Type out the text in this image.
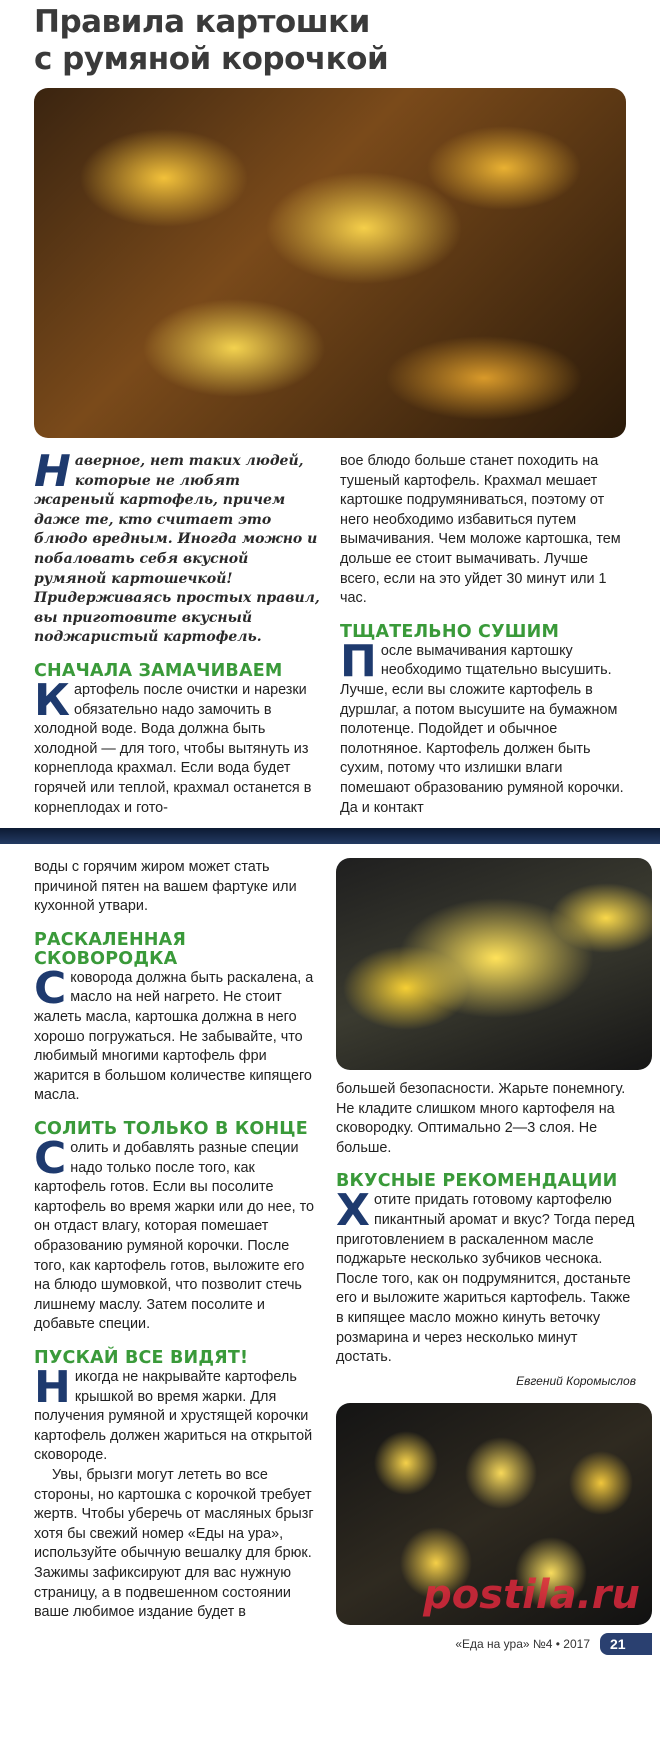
Правила картошки
с румяной корочкой

Наверное, нет таких людей, которые не любят жареный картофель, причем даже те, кто считает это блюдо вредным. Иногда можно и побаловать себя вкусной румяной картошечкой! Придерживаясь простых правил, вы приготовите вкусный поджаристый картофель.

СНАЧАЛА ЗАМАЧИВАЕМ

Картофель после очистки и нарезки обязательно надо замочить в холодной воде. Вода должна быть холодной — для того, чтобы вытянуть из корнеплода крахмал. Если вода будет горячей или теплой, крахмал останется в корнеплодах и гото-

вое блюдо больше станет походить на тушеный картофель. Крахмал мешает картошке подрумяниваться, поэтому от него необходимо избавиться путем вымачивания. Чем моложе картошка, тем дольше ее стоит вымачивать. Лучше всего, если на это уйдет 30 минут или 1 час.

ТЩАТЕЛЬНО СУШИМ

После вымачивания картошку необходимо тщательно высушить. Лучше, если вы сложите картофель в дуршлаг, а потом высушите на бумажном полотенце. Подойдет и обычное полотняное. Картофель должен быть сухим, потому что излишки влаги помешают образованию румяной корочки. Да и контакт

воды с горячим жиром может стать причиной пятен на вашем фартуке или кухонной утвари.

РАСКАЛЕННАЯ СКОВОРОДКА

Сковорода должна быть раскалена, а масло на ней нагрето. Не стоит жалеть масла, картошка должна в него хорошо погружаться. Не забывайте, что любимый многими картофель фри жарится в большом количестве кипящего масла.

СОЛИТЬ ТОЛЬКО В КОНЦЕ

Солить и добавлять разные специи надо только после того, как картофель готов. Если вы посолите картофель во время жарки или до нее, то он отдаст влагу, которая помешает образованию румяной корочки. После того, как картофель готов, выложите его на блюдо шумовкой, что позволит стечь лишнему маслу. Затем посолите и добавьте специи.

ПУСКАЙ ВСЕ ВИДЯТ!

Никогда не накрывайте картофель крышкой во время жарки. Для получения румяной и хрустящей корочки картофель должен жариться на открытой сковороде.

Увы, брызги могут лететь во все стороны, но картошка с корочкой требует жертв. Чтобы уберечь от масляных брызг хотя бы свежий номер «Еды на ура», используйте обычную вешалку для брюк. Зажимы зафиксируют для вас нужную страницу, а в подвешенном состоянии ваше любимое издание будет в

большей безопасности. Жарьте понемногу. Не кладите слишком много картофеля на сковородку. Оптимально 2—3 слоя. Не больше.

ВКУСНЫЕ РЕКОМЕНДАЦИИ

Хотите придать готовому картофелю пикантный аромат и вкус? Тогда перед приготовлением в раскаленном масле поджарьте несколько зубчиков чеснока. После того, как он подрумянится, достаньте его и выложите жариться картофель. Также в кипящее масло можно кинуть веточку розмарина и через несколько минут достать.

Евгений Коромыслов
postila.ru
«Еда на ура» №4 • 2017	21
